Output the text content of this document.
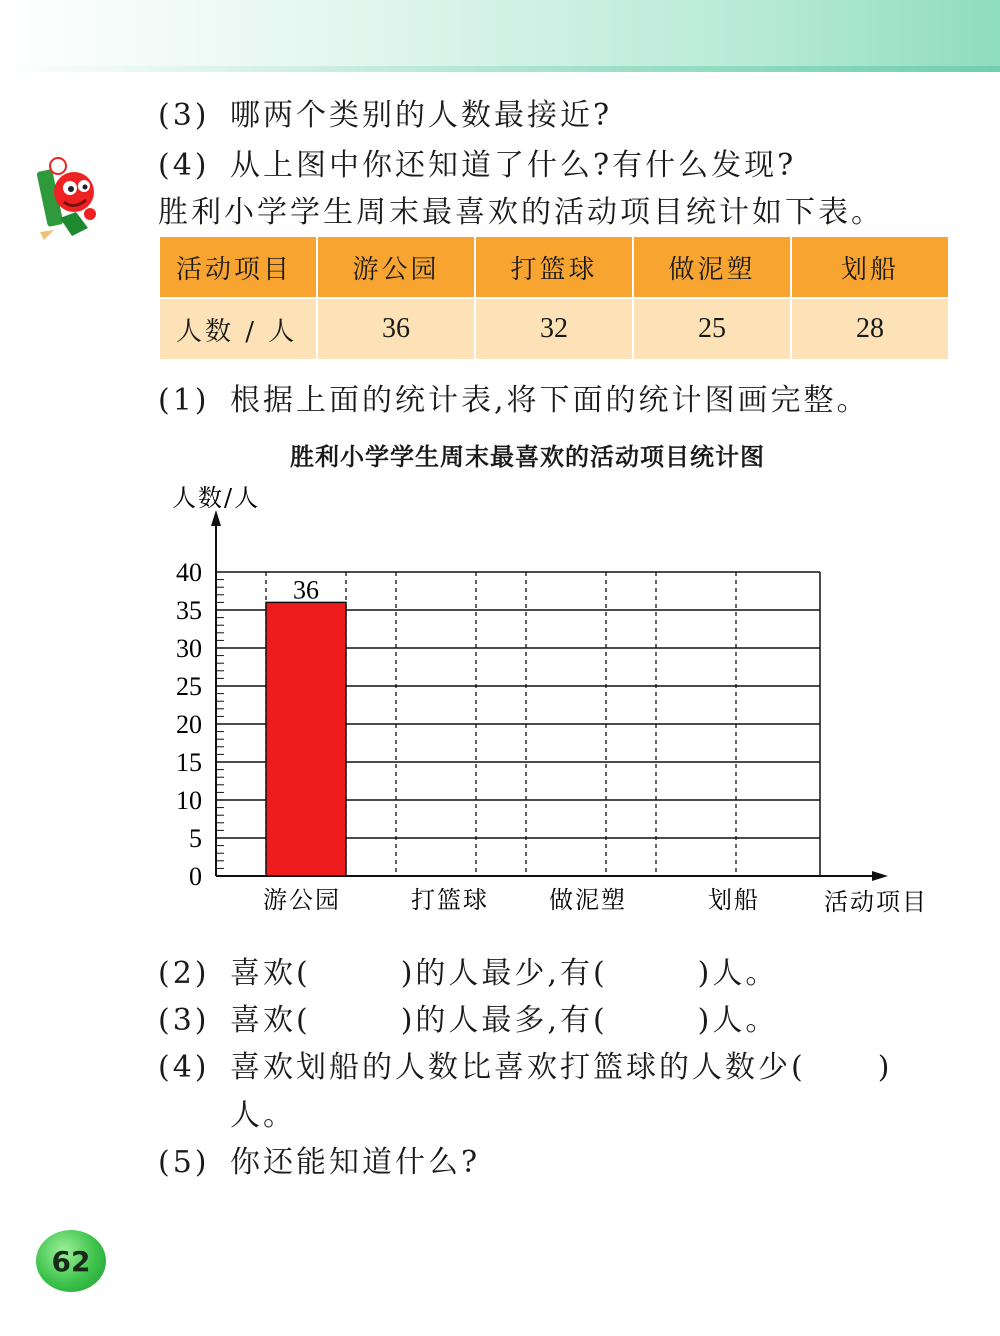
(3) 哪两个类别的人数最接近?
(4) 从上图中你还知道了什么?有什么发现?
胜利小学学生周末最喜欢的活动项目统计如下表。
活动项目	游公园	打篮球	做泥塑	划船
人数 / 人	36	32	25	28
(1) 根据上面的统计表,将下面的统计图画完整。
胜利小学学生周末最喜欢的活动项目统计图
0
5
10
15
20
25
30
35
40
36
游公园	打篮球	做泥塑	划船
人数/人
活动项目
(2) 喜欢(	)的人最少,有(	)人。
(3) 喜欢(	)的人最多,有(	)人。
(4) 喜欢划船的人数比喜欢打篮球的人数少( )
人。
(5) 你还能知道什么?
62
